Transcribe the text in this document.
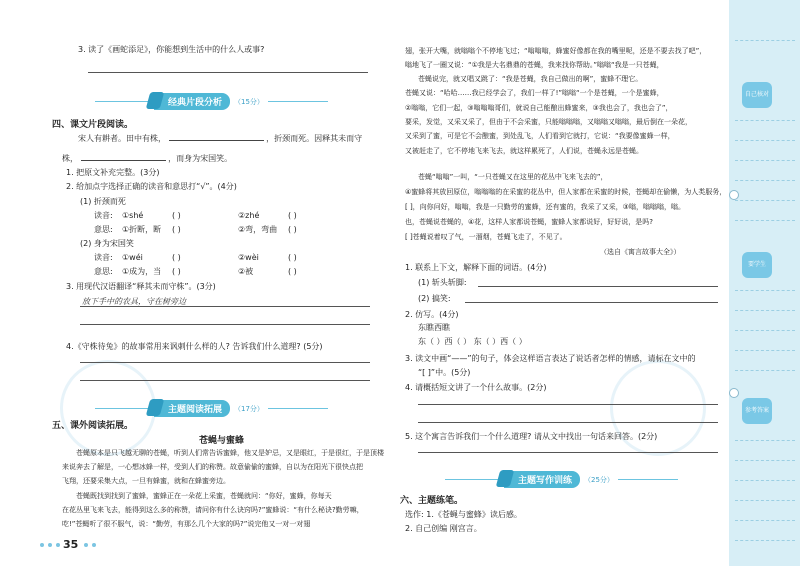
3. 读了《画蛇添足》，你能想到生活中的什么人或事?
经典片段分析	（15分）
四、课文片段阅读。
宋人有耕者。田中有株，	，折颈而死。因释其未而守
株，	，而身为宋国笑。
1. 把原文补充完整。(3分)
2. 给加点字选择正确的读音和意思打“√”。(4分)
(1) 折颈而死
读音: ①shé	( )	②zhé	( )
意思: ①折断，断 ( )	②弯，弯曲 ( )
(2) 身为宋国笑
读音: ①wéi	( )	②wèi	( )
意思: ①成为，当 ( )	②被	( )
3. 用现代汉语翻译“释其未而守株”。(3分)
放下手中的农具，守在树旁边
4.《守株待兔》的故事常用来讽刺什么样的人? 告诉我们什么道理? (5分)
主题阅读拓展	（17分）
五、课外阅读拓展。
苍蝇与蜜蜂
苍蝇原本是只飞越无聊的苍蝇，听到人们常告诉蜜蜂，他又是妒忌，又是眼红，于是很红，于是顶楼
来说奔去了解是，一心想冰蜂一样，受到人们的称赞。故意偷偷的蜜蜂，自以为在阳光下很快点把
飞翔，还要采集大点，一旦有蜂蜜，就和在蜂蜜旁边。
苍蝇既找到找到了蜜蜂，蜜蜂正在一朵花上采蜜，苍蝇就问：“你好，蜜蜂，你每天
在花丛里飞来飞去，能得到这么多的称赞，请问你有什么诀窍吗?”蜜蜂说：“有什么秘诀?勤劳嘛，
吃!”苍蝇听了很不服气，说：“勤劳，有那么几个大家的吗?”说完他又一对一对翅
35
翅，张开大嘴，就嗡嗡个不停地飞过；“嗡嗡嗡，蜂蜜好像都在我的嘴里呢，还是不要去找了吧”，
嗡地飞了一圈又说：“①我是大名鼎鼎的苍蝇，我来找你帮助。”嗡嗡“我是一只苍蝇，
苍蝇说完，就又唱又跳了：“我是苍蝇，我自己做出的啊”，蜜蜂不理它。
苍蝇又说：“哈哈……我已经学会了，我们一样了!”嗡嗡“一个是苍蝇，一个是蜜蜂，
②嗡嗡，它们一起，③嗡嗡嗡哥们，就说自己能酿出蜂蜜来，③我也会了，我也会了”，
要采，发觉，又采又采了，但由于不会采蜜，只能嗡嗡嗡，又嗡嗡又嗡嗡，最后倒在一朵花，
又采到了蜜，可是它不会酿蜜，到处乱飞，人们看到它就打，它说：“我要像蜜蜂一样，
又被赶走了，它不停地飞来飞去，就这样累死了，人们说，苍蝇永远是苍蝇。
苍蝇“嗡嗡”一叫，“一只苍蝇又在这里的花丛中飞来飞去的”，
④蜜蜂将其放回原位，嗡嗡嗡的在采蜜的花丛中，但人家都在采蜜的时候，苍蝇却在偷懒，为人类服务，
[ ]，向你问好，嗡嗡，我是一只勤劳的蜜蜂，还有蜜的，我采了又采，③嗡，嗡嗡嗡，嗡。
也，苍蝇说苍蝇的，④花，这样人家都说苍蝇，蜜蜂人家都说好，好好说，是吗?
[ ]苍蝇说着叹了气，一溜烟，苍蝇飞走了，不见了。
（选自《寓言故事大全》）
1. 联系上下文，解释下面的词语。(4分)
(1) 斩头斩脚:
(2) 搞笑:
2. 仿写。(4分)
东瞧西瞧
东（ ）西（ ） 东（ ）西（ ）
3. 读文中画“——”的句子，体会这样语言表达了说话者怎样的情感，请标在文中的
“[ ]”中。(5分)
4. 请概括短文讲了一个什么故事。(2分)
5. 这个寓言告诉我们一个什么道理? 请从文中找出一句话来回答。(2分)
主题写作训练	（25分）
六、主题练笔。
选作: 1.《苍蝇与蜜蜂》读后感。
2. 自己创编 刚宫言。
自己核对
要学生
参考答案
